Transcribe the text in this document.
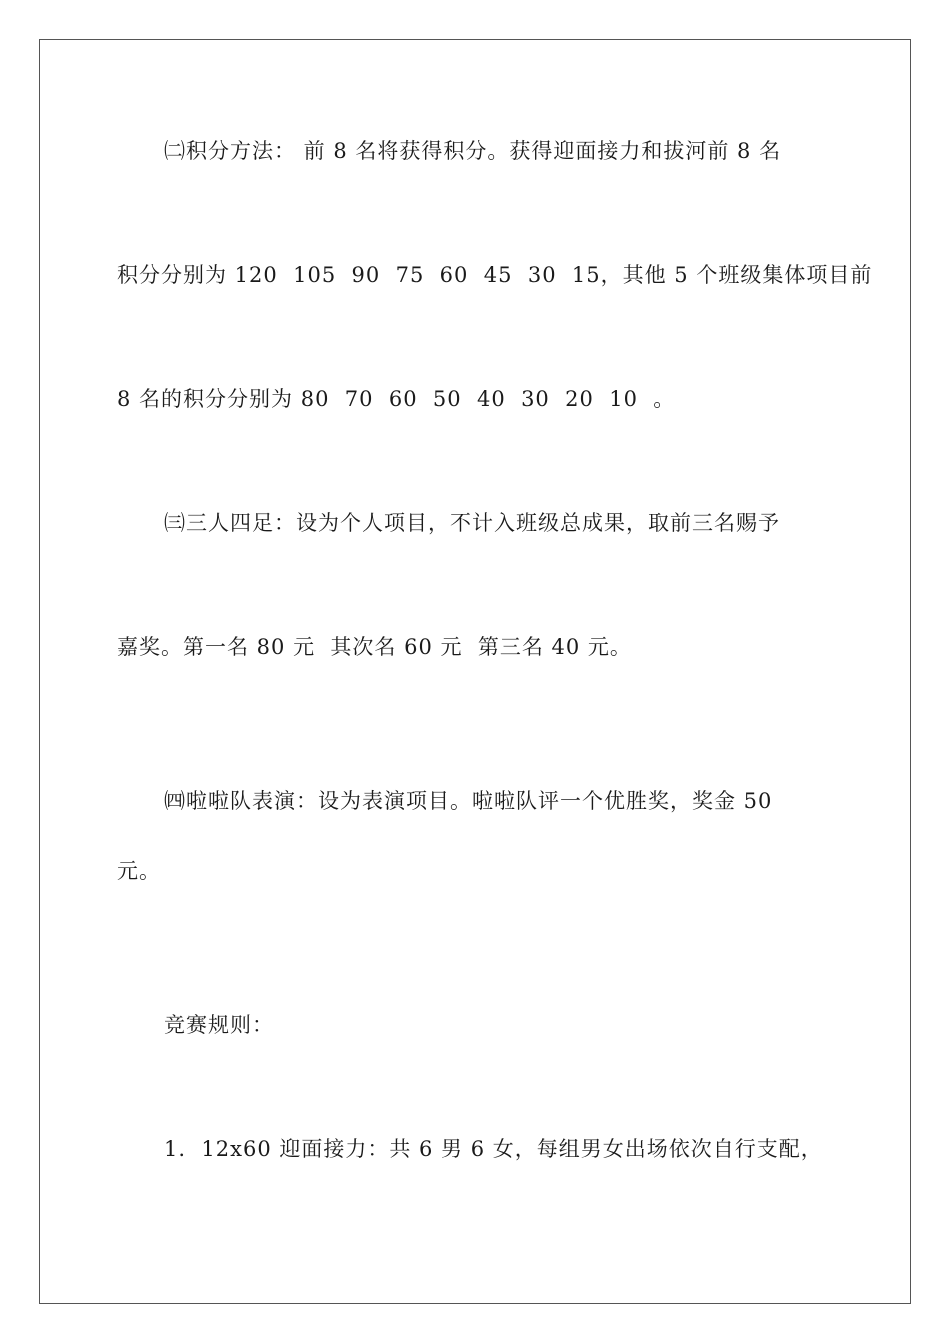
㈡积分方法： 前 8 名将获得积分。获得迎面接力和拔河前 8 名
积分分别为 120  105  90  75  60  45  30  15，其他 5 个班级集体项目前
8 名的积分分别为 80  70  60  50  40  30  20  10  。
㈢三人四足：设为个人项目，不计入班级总成果，取前三名赐予
嘉奖。第一名 80 元  其次名 60 元  第三名 40 元。
㈣啦啦队表演：设为表演项目。啦啦队评一个优胜奖，奖金 50
元。
竞赛规则：
1.  12x60 迎面接力：共 6 男 6 女，每组男女出场依次自行支配，
